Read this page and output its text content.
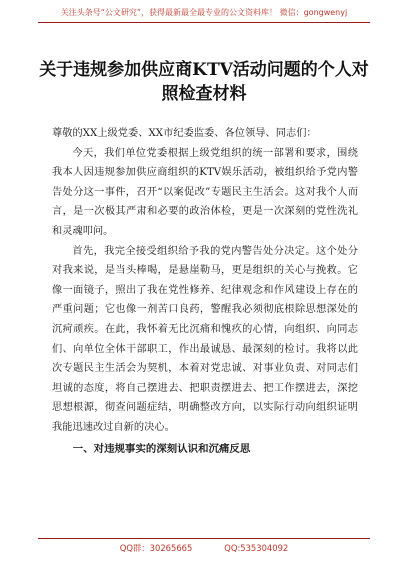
关注头条号“公文研究”，获得最新最全最专业的公文资料库！ 微信：gongwenyj
关于违规参加供应商KTV活动问题的个人对照检查材料

尊敬的XX上级党委、XX市纪委监委、各位领导、同志们：

今天，我们单位党委根据上级党组织的统一部署和要求，围绕我本人因违规参加供应商组织的KTV娱乐活动，被组织给予党内警告处分这一事件，召开“以案促改”专题民主生活会。这对我个人而言，是一次极其严肃和必要的政治体检，更是一次深刻的党性洗礼和灵魂叩问。

首先，我完全接受组织给予我的党内警告处分决定。这个处分对我来说，是当头棒喝，是悬崖勒马，更是组织的关心与挽救。它像一面镜子，照出了我在党性修养、纪律观念和作风建设上存在的严重问题；它也像一剂苦口良药，警醒我必须彻底根除思想深处的沉疴顽疾。在此，我怀着无比沉痛和愧疚的心情，向组织、向同志们、向单位全体干部职工，作出最诚恳、最深刻的检讨。我将以此次专题民主生活会为契机，本着对党忠诚、对事业负责、对同志们坦诚的态度，将自己摆进去、把职责摆进去、把工作摆进去，深挖思想根源，彻查问题症结，明确整改方向，以实际行动向组织证明我能迅速改过自新的决心。

一、对违规事实的深刻认识和沉痛反思

QQ群：30265665	QQ:535304092
